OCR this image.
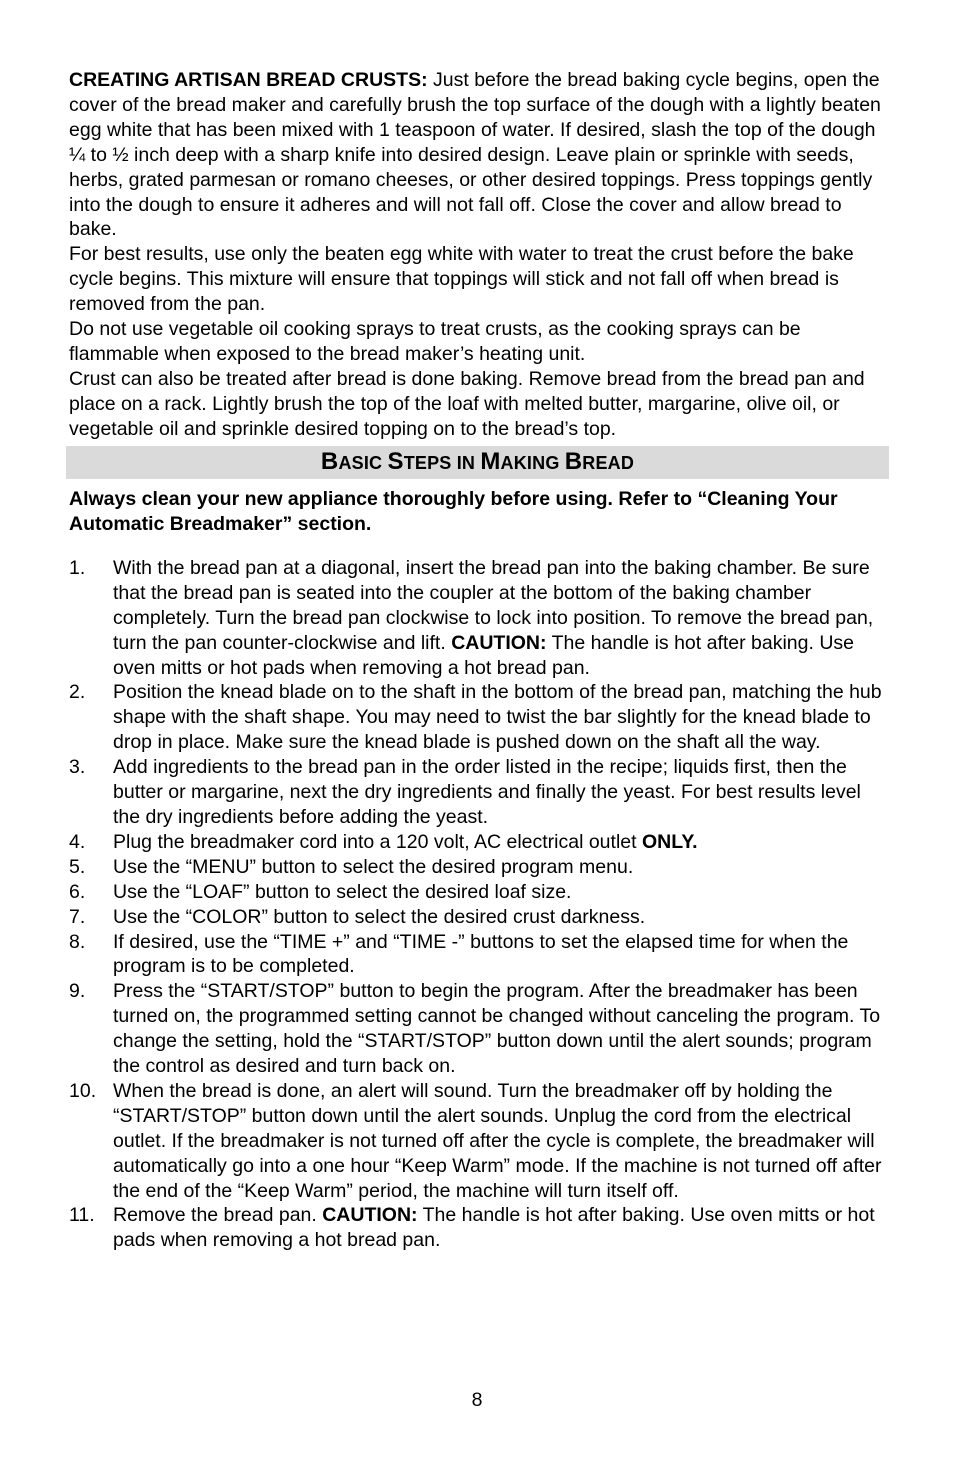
CREATING ARTISAN BREAD CRUSTS: Just before the bread baking cycle begins, open the cover of the bread maker and carefully brush the top surface of the dough with a lightly beaten egg white that has been mixed with 1 teaspoon of water. If desired, slash the top of the dough ¼ to ½ inch deep with a sharp knife into desired design. Leave plain or sprinkle with seeds, herbs, grated parmesan or romano cheeses, or other desired toppings. Press toppings gently into the dough to ensure it adheres and will not fall off. Close the cover and allow bread to bake.

For best results, use only the beaten egg white with water to treat the crust before the bake cycle begins. This mixture will ensure that toppings will stick and not fall off when bread is removed from the pan.

Do not use vegetable oil cooking sprays to treat crusts, as the cooking sprays can be flammable when exposed to the bread maker’s heating unit.

Crust can also be treated after bread is done baking. Remove bread from the bread pan and place on a rack. Lightly brush the top of the loaf with melted butter, margarine, olive oil, or vegetable oil and sprinkle desired topping on to the bread’s top.

BASIC STEPS IN MAKING BREAD

Always clean your new appliance thoroughly before using. Refer to “Cleaning Your Automatic Breadmaker” section.

1. With the bread pan at a diagonal, insert the bread pan into the baking chamber. Be sure that the bread pan is seated into the coupler at the bottom of the baking chamber completely. Turn the bread pan clockwise to lock into position. To remove the bread pan, turn the pan counter-clockwise and lift. CAUTION: The handle is hot after baking. Use oven mitts or hot pads when removing a hot bread pan.
2. Position the knead blade on to the shaft in the bottom of the bread pan, matching the hub shape with the shaft shape. You may need to twist the bar slightly for the knead blade to drop in place. Make sure the knead blade is pushed down on the shaft all the way.
3. Add ingredients to the bread pan in the order listed in the recipe; liquids first, then the butter or margarine, next the dry ingredients and finally the yeast. For best results level the dry ingredients before adding the yeast.
4. Plug the breadmaker cord into a 120 volt, AC electrical outlet ONLY.
5. Use the “MENU” button to select the desired program menu.
6. Use the “LOAF” button to select the desired loaf size.
7. Use the “COLOR” button to select the desired crust darkness.
8. If desired, use the “TIME +” and “TIME -” buttons to set the elapsed time for when the program is to be completed.
9. Press the “START/STOP” button to begin the program. After the breadmaker has been turned on, the programmed setting cannot be changed without canceling the program. To change the setting, hold the “START/STOP” button down until the alert sounds; program the control as desired and turn back on.
10. When the bread is done, an alert will sound. Turn the breadmaker off by holding the “START/STOP” button down until the alert sounds. Unplug the cord from the electrical outlet. If the breadmaker is not turned off after the cycle is complete, the breadmaker will automatically go into a one hour “Keep Warm” mode. If the machine is not turned off after the end of the “Keep Warm” period, the machine will turn itself off.
11. Remove the bread pan. CAUTION: The handle is hot after baking. Use oven mitts or hot pads when removing a hot bread pan.
8
